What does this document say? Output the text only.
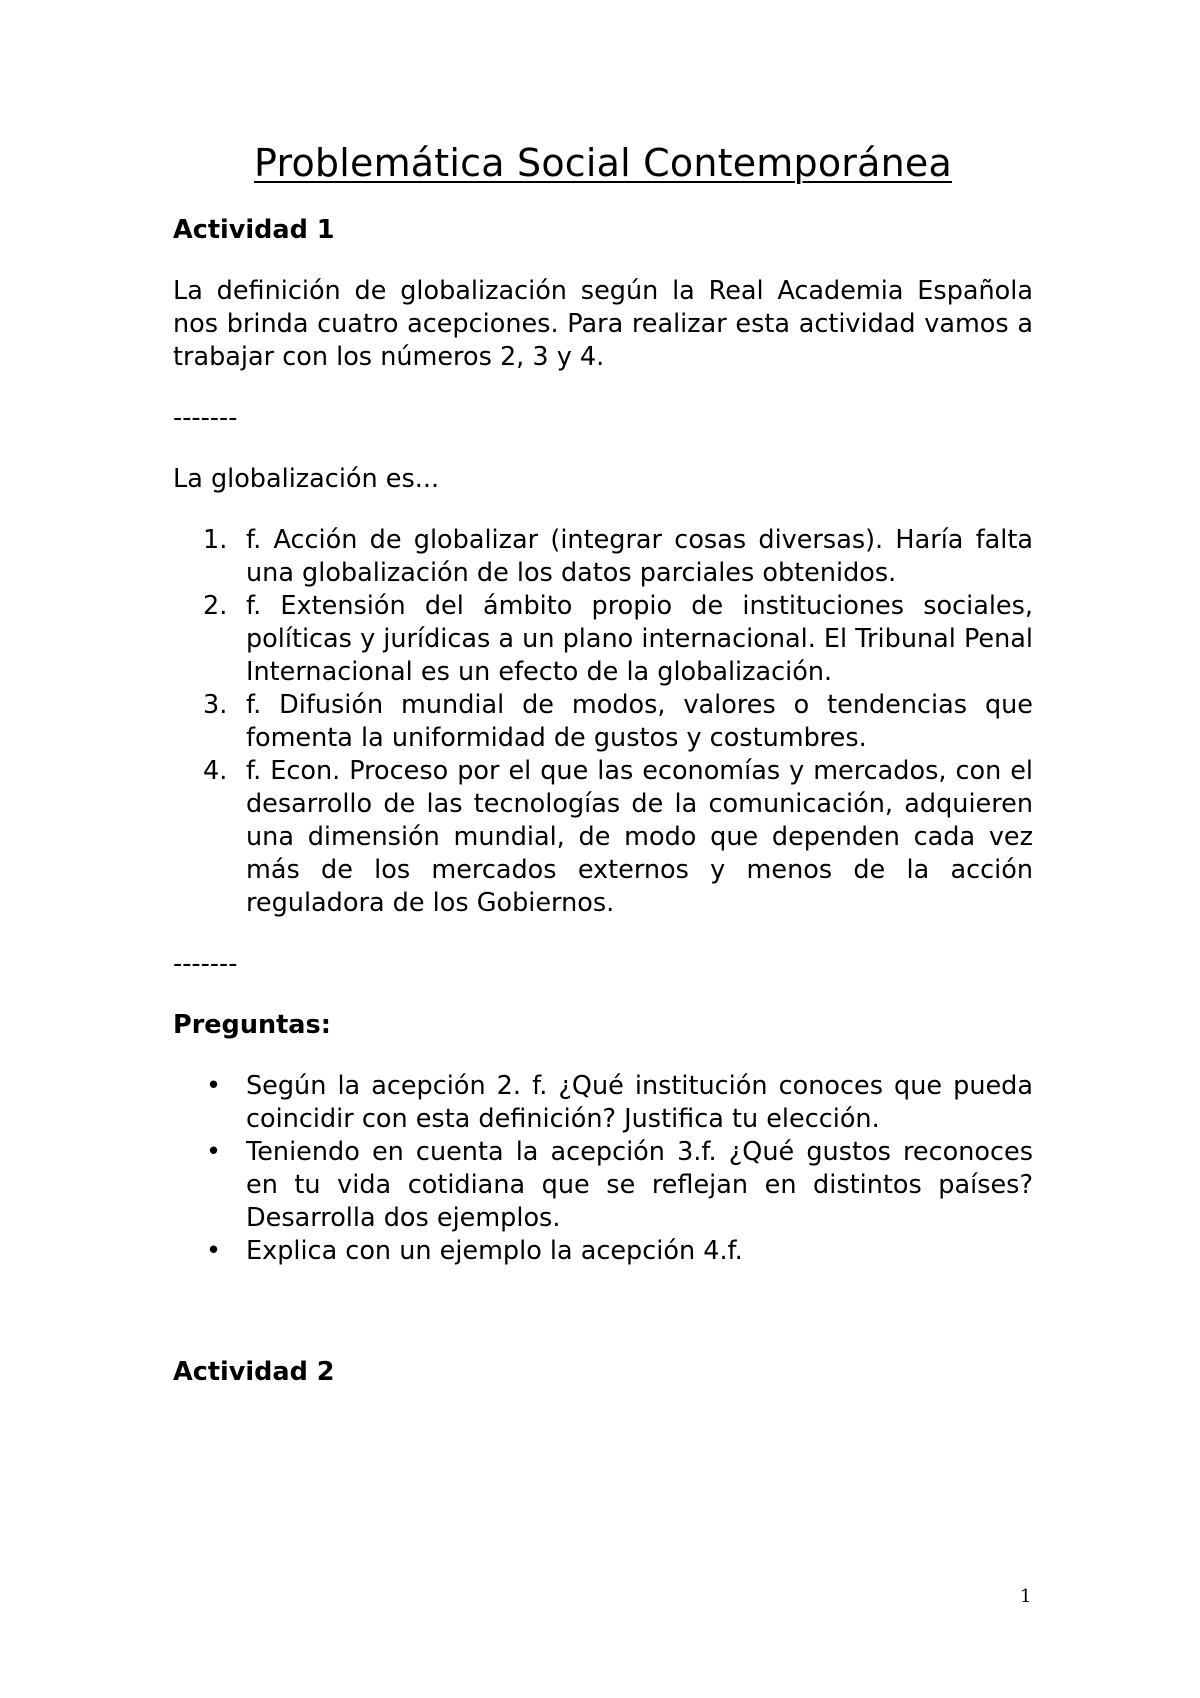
Problemática Social Contemporánea
Actividad 1

La definición de globalización según la Real Academia Española nos brinda cuatro acepciones. Para realizar esta actividad vamos a trabajar con los números 2, 3 y 4.

-------
La globalización es...
1. f. Acción de globalizar (integrar cosas diversas). Haría falta una globalización de los datos parciales obtenidos.
2. f. Extensión del ámbito propio de instituciones sociales, políticas y jurídicas a un plano internacional. El Tribunal Penal Internacional es un efecto de la globalización.
3. f. Difusión mundial de modos, valores o tendencias que fomenta la uniformidad de gustos y costumbres.
4. f. Econ. Proceso por el que las economías y mercados, con el desarrollo de las tecnologías de la comunicación, adquieren una dimensión mundial, de modo que dependen cada vez más de los mercados externos y menos de la acción reguladora de los Gobiernos.
-------
Preguntas:
• Según la acepción 2. f. ¿Qué institución conoces que pueda coincidir con esta definición? Justifica tu elección.
• Teniendo en cuenta la acepción 3.f. ¿Qué gustos reconoces en tu vida cotidiana que se reflejan en distintos países? Desarrolla dos ejemplos.
• Explica con un ejemplo la acepción 4.f.
Actividad 2
1
